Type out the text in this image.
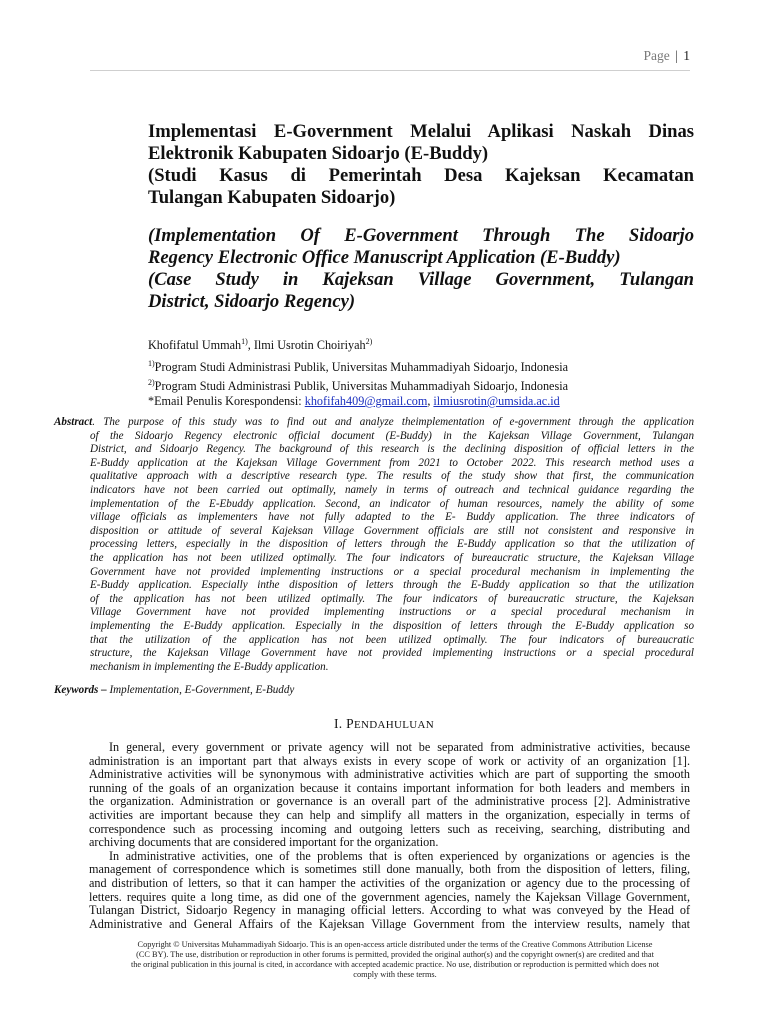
Page | 1
Implementasi E-Government Melalui Aplikasi Naskah Dinas
Elektronik Kabupaten Sidoarjo (E-Buddy)
(Studi Kasus di Pemerintah Desa Kajeksan Kecamatan
Tulangan Kabupaten Sidoarjo)
(Implementation Of E-Government Through The Sidoarjo
Regency Electronic Office Manuscript Application (E-Buddy)
(Case Study in Kajeksan Village Government, Tulangan
District, Sidoarjo Regency)
Khofifatul Ummah$^{1)}$, Ilmi Usrotin Choiriyah$^{2)}$
$^{1)}$Program Studi Administrasi Publik, Universitas Muhammadiyah Sidoarjo, Indonesia
$^{2)}$Program Studi Administrasi Publik, Universitas Muhammadiyah Sidoarjo, Indonesia
*Email Penulis Korespondensi: khofifah409@gmail.com, ilmiusrotin@umsida.ac.id
Abstract. The purpose of this study was to find out and analyze theimplementation of e-government through the application
of the Sidoarjo Regency electronic official document (E-Buddy) in the Kajeksan Village Government, Tulangan
District, and Sidoarjo Regency. The background of this research is the declining disposition of official letters in the
E-Buddy application at the Kajeksan Village Government from 2021 to October 2022. This research method uses a
qualitative approach with a descriptive research type. The results of the study show that first, the communication
indicators have not been carried out optimally, namely in terms of outreach and technical guidance regarding the
implementation of the E-Ebuddy application. Second, an indicator of human resources, namely the ability of some
village officials as implementers have not fully adapted to the E- Buddy application. The three indicators of
disposition or attitude of several Kajeksan Village Government officials are still not consistent and responsive in
processing letters, especially in the disposition of letters through the E-Buddy application so that the utilization of
the application has not been utilized optimally. The four indicators of bureaucratic structure, the Kajeksan Village
Government have not provided implementing instructions or a special procedural mechanism in implementing the
E-Buddy application. Especially inthe disposition of letters through the E-Buddy application so that the utilization
of the application has not been utilized optimally. The four indicators of bureaucratic structure, the Kajeksan
Village Government have not provided implementing instructions or a special procedural mechanism in
implementing the E-Buddy application. Especially in the disposition of letters through the E-Buddy application so
that the utilization of the application has not been utilized optimally. The four indicators of bureaucratic
structure, the Kajeksan Village Government have not provided implementing instructions or a special procedural
mechanism in implementing the E-Buddy application.
Keywords – Implementation, E-Government, E-Buddy
I. PENDAHULUAN
In general, every government or private agency will not be separated from administrative activities, because
administration is an important part that always exists in every scope of work or activity of an organization [1].
Administrative activities will be synonymous with administrative activities which are part of supporting the smooth
running of the goals of an organization because it contains important information for both leaders and members in
the organization. Administration or governance is an overall part of the administrative process [2]. Administrative
activities are important because they can help and simplify all matters in the organization, especially in terms of
correspondence such as processing incoming and outgoing letters such as receiving, searching, distributing and
archiving documents that are considered important for the organization.
In administrative activities, one of the problems that is often experienced by organizations or agencies is the
management of correspondence which is sometimes still done manually, both from the disposition of letters, filing,
and distribution of letters, so that it can hamper the activities of the organization or agency due to the processing of
letters. requires quite a long time, as did one of the government agencies, namely the Kajeksan Village Government,
Tulangan District, Sidoarjo Regency in managing official letters. According to what was conveyed by the Head of
Administrative and General Affairs of the Kajeksan Village Government from the interview results, namely that
Copyright © Universitas Muhammadiyah Sidoarjo. This is an open-access article distributed under the terms of the Creative Commons Attribution License
(CC BY). The use, distribution or reproduction in other forums is permitted, provided the original author(s) and the copyright owner(s) are credited and that
the original publication in this journal is cited, in accordance with accepted academic practice. No use, distribution or reproduction is permitted which does not
comply with these terms.
